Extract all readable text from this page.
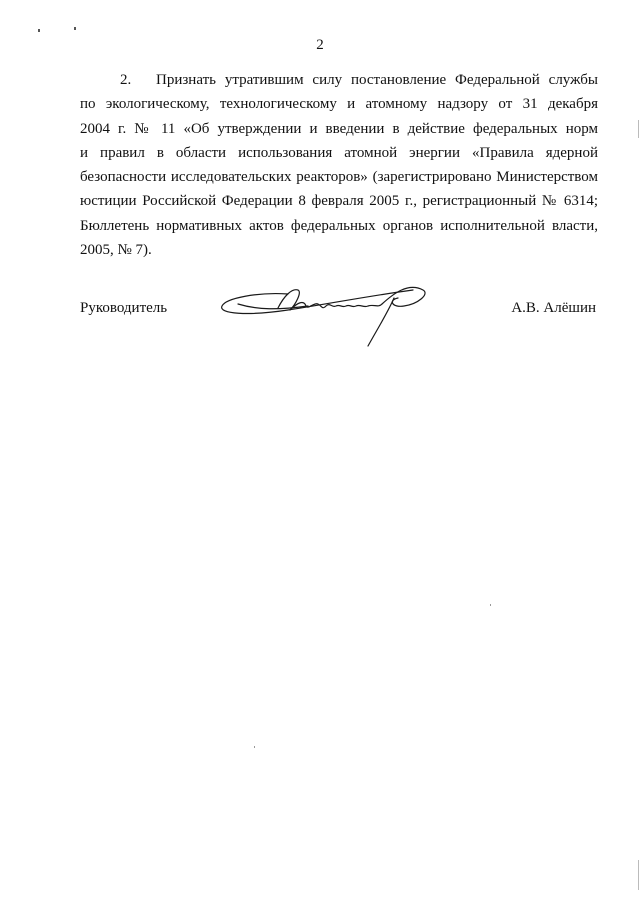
2
2. Признать утратившим силу постановление Федеральной службы
по экологическому, технологическому и атомному надзору от 31 декабря
2004 г. № 11 «Об утверждении и введении в действие федеральных норм
и правил в области использования атомной энергии «Правила ядерной
безопасности исследовательских реакторов» (зарегистрировано Министерством
юстиции Российской Федерации 8 февраля 2005 г., регистрационный № 6314;
Бюллетень нормативных актов федеральных органов исполнительной власти,
2005, № 7).
Руководитель	А.В. Алёшин
